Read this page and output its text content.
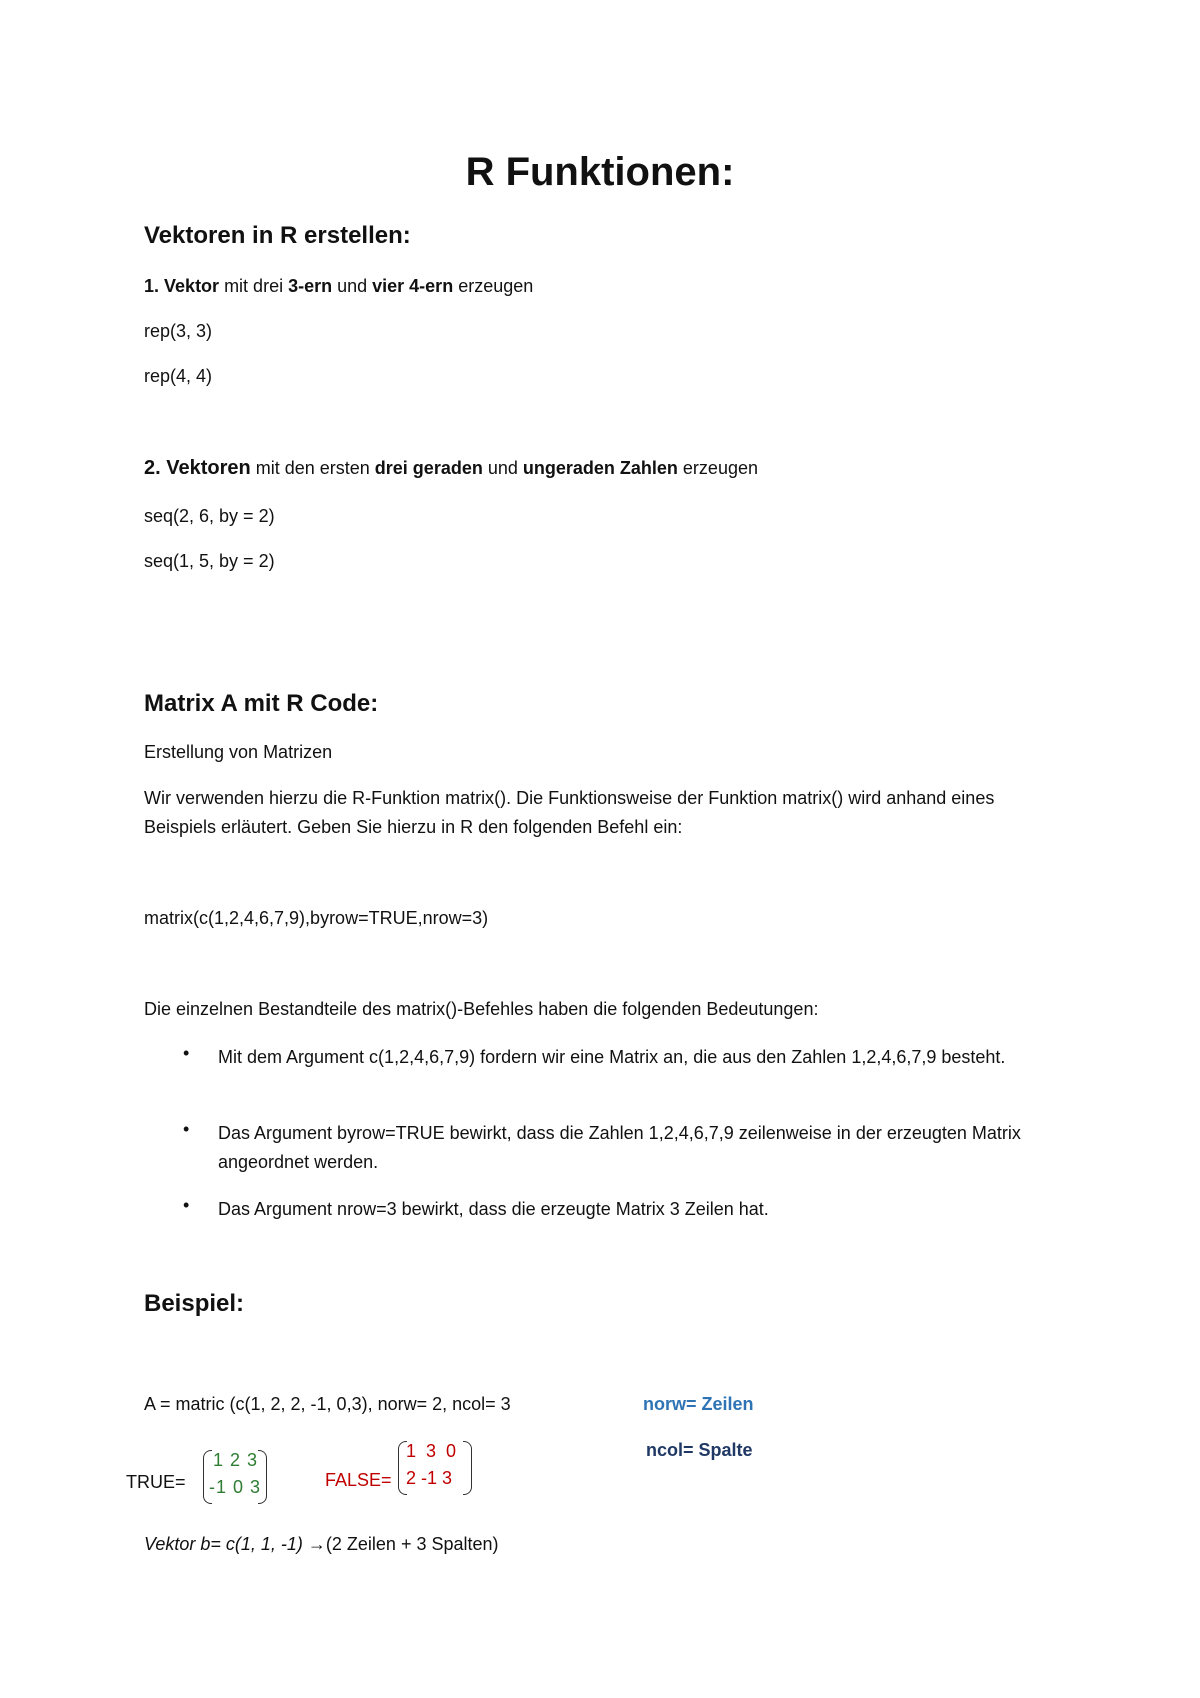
R Funktionen:
Vektoren in R erstellen:
1. Vektor mit drei 3-ern und vier 4-ern erzeugen
rep(3, 3)
rep(4, 4)
2. Vektoren mit den ersten drei geraden und ungeraden Zahlen erzeugen
seq(2, 6, by = 2)
seq(1, 5, by = 2)
Matrix A mit R Code:
Erstellung von Matrizen
Wir verwenden hierzu die R-Funktion matrix(). Die Funktionsweise der Funktion matrix() wird anhand eines Beispiels erläutert. Geben Sie hierzu in R den folgenden Befehl ein:
matrix(c(1,2,4,6,7,9),byrow=TRUE,nrow=3)
Die einzelnen Bestandteile des matrix()-Befehles haben die folgenden Bedeutungen:
• Mit dem Argument c(1,2,4,6,7,9) fordern wir eine Matrix an, die aus den Zahlen 1,2,4,6,7,9 besteht.
• Das Argument byrow=TRUE bewirkt, dass die Zahlen 1,2,4,6,7,9 zeilenweise in der erzeugten Matrix angeordnet werden.
• Das Argument nrow=3 bewirkt, dass die erzeugte Matrix 3 Zeilen hat.
Beispiel:
A = matric (c(1, 2, 2, -1, 0,3), norw= 2, ncol= 3	norw= Zeilen
ncol= Spalte
TRUE=
1 2 3
-1 0 3	FALSE=
1  3  0
2 -1 3
Vektor b= c(1, 1, -1) →(2 Zeilen + 3 Spalten)
